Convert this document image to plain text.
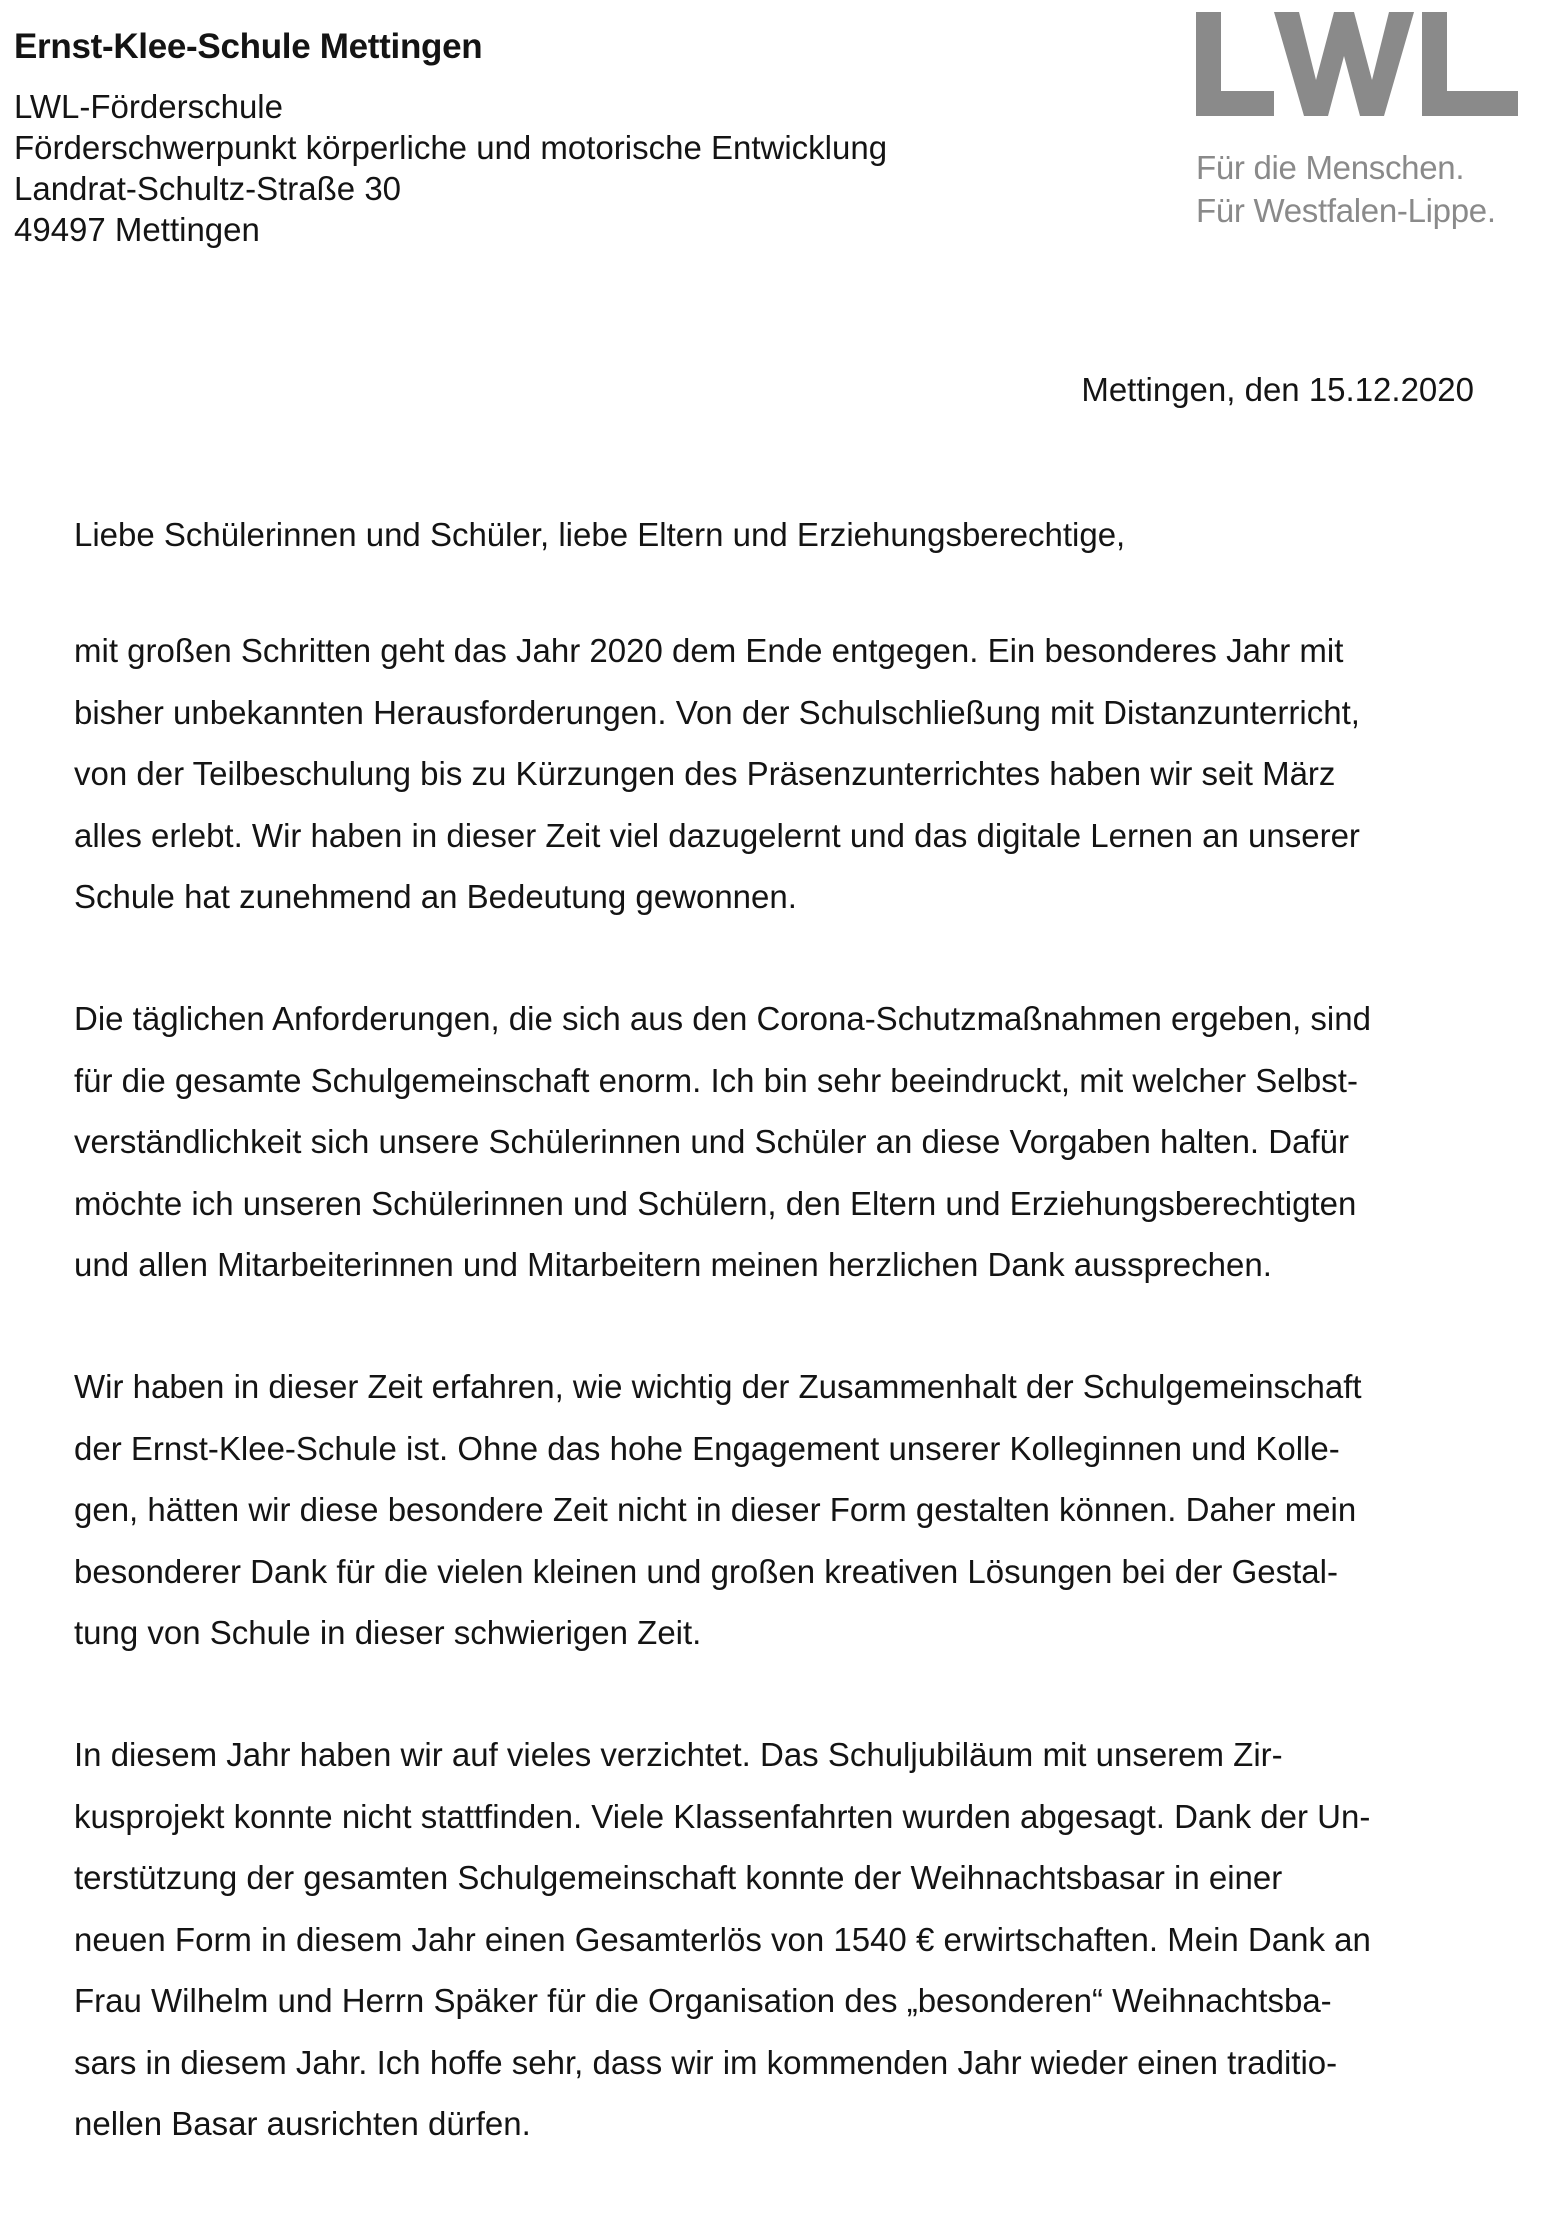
Ernst-Klee-Schule Mettingen
LWL-Förderschule
Förderschwerpunkt körperliche und motorische Entwicklung
Landrat-Schultz-Straße 30
49497 Mettingen
Für die Menschen.
Für Westfalen-Lippe.
Mettingen, den 15.12.2020
Liebe Schülerinnen und Schüler, liebe Eltern und Erziehungsberechtige,
mit großen Schritten geht das Jahr 2020 dem Ende entgegen. Ein besonderes Jahr mit
bisher unbekannten Herausforderungen. Von der Schulschließung mit Distanzunterricht,
von der Teilbeschulung bis zu Kürzungen des Präsenzunterrichtes haben wir seit März
alles erlebt. Wir haben in dieser Zeit viel dazugelernt und das digitale Lernen an unserer
Schule hat zunehmend an Bedeutung gewonnen.
Die täglichen Anforderungen, die sich aus den Corona-Schutzmaßnahmen ergeben, sind
für die gesamte Schulgemeinschaft enorm. Ich bin sehr beeindruckt, mit welcher Selbst-
verständlichkeit sich unsere Schülerinnen und Schüler an diese Vorgaben halten. Dafür
möchte ich unseren Schülerinnen und Schülern, den Eltern und Erziehungsberechtigten
und allen Mitarbeiterinnen und Mitarbeitern meinen herzlichen Dank aussprechen.
Wir haben in dieser Zeit erfahren, wie wichtig der Zusammenhalt der Schulgemeinschaft
der Ernst-Klee-Schule ist. Ohne das hohe Engagement unserer Kolleginnen und Kolle-
gen, hätten wir diese besondere Zeit nicht in dieser Form gestalten können. Daher mein
besonderer Dank für die vielen kleinen und großen kreativen Lösungen bei der Gestal-
tung von Schule in dieser schwierigen Zeit.
In diesem Jahr haben wir auf vieles verzichtet. Das Schuljubiläum mit unserem Zir-
kusprojekt konnte nicht stattfinden. Viele Klassenfahrten wurden abgesagt. Dank der Un-
terstützung der gesamten Schulgemeinschaft konnte der Weihnachtsbasar in einer
neuen Form in diesem Jahr einen Gesamterlös von 1540 € erwirtschaften. Mein Dank an
Frau Wilhelm und Herrn Späker für die Organisation des „besonderen“ Weihnachtsba-
sars in diesem Jahr. Ich hoffe sehr, dass wir im kommenden Jahr wieder einen traditio-
nellen Basar ausrichten dürfen.
